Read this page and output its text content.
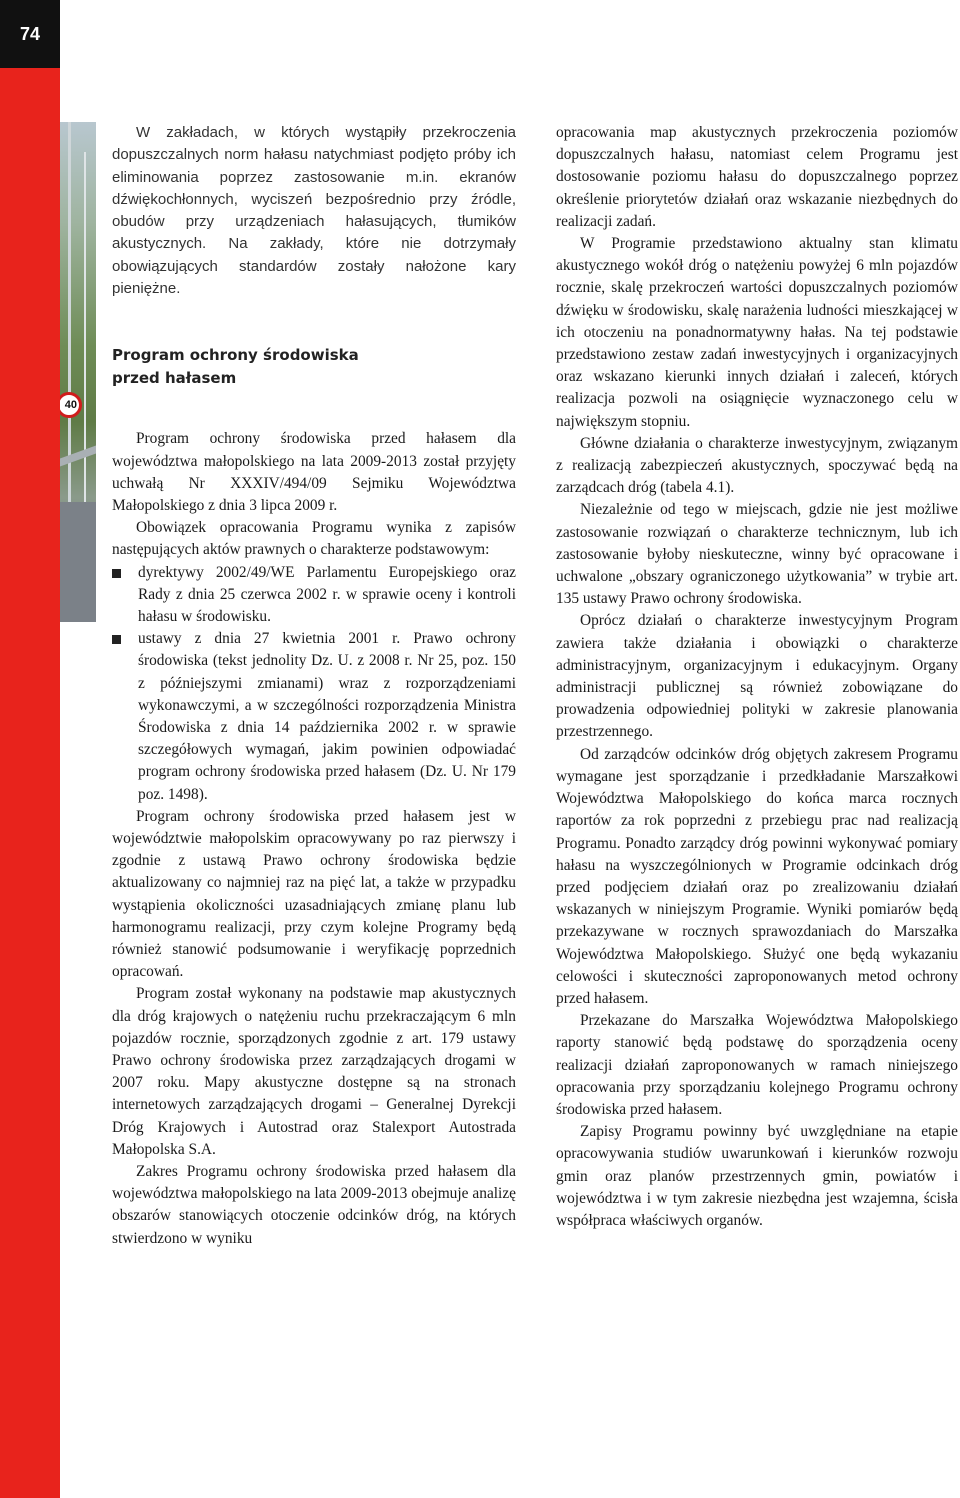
74
40

W zakładach, w których wystąpiły przekroczenia dopuszczalnych norm hałasu natychmiast podjęto próby ich eliminowania poprzez zastosowanie m.in. ekranów dźwiękochłonnych, wyciszeń bezpośrednio przy źródle, obudów przy urządzeniach hałasujących, tłumików akustycznych. Na zakłady, które nie dotrzymały obowiązujących standardów zostały nałożone kary pieniężne.

Program ochrony środowiska
przed hałasem

Program ochrony środowiska przed hałasem dla województwa małopolskiego na lata 2009-2013 został przyjęty uchwałą Nr XXXIV/494/09 Sejmiku Województwa Małopolskiego z dnia 3 lipca 2009 r.

Obowiązek opracowania Programu wynika z zapisów następujących aktów prawnych o charakterze podstawowym:

dyrektywy 2002/49/WE Parlamentu Europejskiego oraz Rady z dnia 25 czerwca 2002 r. w sprawie oceny i kontroli hałasu w środowisku.
ustawy z dnia 27 kwietnia 2001 r. Prawo ochrony środowiska (tekst jednolity Dz. U. z 2008 r. Nr 25, poz. 150 z późniejszymi zmianami) wraz z rozporządzeniami wykonawczymi, a w szczególności rozporządzenia Ministra Środowiska z dnia 14 października 2002 r. w sprawie szczegółowych wymagań, jakim powinien odpowiadać program ochrony środowiska przed hałasem (Dz. U. Nr 179 poz. 1498).

Program ochrony środowiska przed hałasem jest w województwie małopolskim opracowywany po raz pierwszy i zgodnie z ustawą Prawo ochrony środowiska będzie aktualizowany co najmniej raz na pięć lat, a także w przypadku wystąpienia okoliczności uzasadniających zmianę planu lub harmonogramu realizacji, przy czym kolejne Programy będą również stanowić podsumowanie i weryfikację poprzednich opracowań.

Program został wykonany na podstawie map akustycznych dla dróg krajowych o natężeniu ruchu przekraczającym 6 mln pojazdów rocznie, sporządzonych zgodnie z art. 179 ustawy Prawo ochrony środowiska przez zarządzających drogami w 2007 roku. Mapy akustyczne dostępne są na stronach internetowych zarządzających drogami – Generalnej Dyrekcji Dróg Krajowych i Autostrad oraz Stalexport Autostrada Małopolska S.A.

Zakres Programu ochrony środowiska przed hałasem dla województwa małopolskiego na lata 2009-2013 obejmuje analizę obszarów stanowiących otoczenie odcinków dróg, na których stwierdzono w wyniku

opracowania map akustycznych przekroczenia poziomów dopuszczalnych hałasu, natomiast celem Programu jest dostosowanie poziomu hałasu do dopuszczalnego poprzez określenie priorytetów działań oraz wskazanie niezbędnych do realizacji zadań.

W Programie przedstawiono aktualny stan klimatu akustycznego wokół dróg o natężeniu powyżej 6 mln pojazdów rocznie, skalę przekroczeń wartości dopuszczalnych poziomów dźwięku w środowisku, skalę narażenia ludności mieszkającej w ich otoczeniu na ponadnormatywny hałas. Na tej podstawie przedstawiono zestaw zadań inwestycyjnych i organizacyjnych oraz wskazano kierunki innych działań i zaleceń, których realizacja pozwoli na osiągnięcie wyznaczonego celu w największym stopniu.

Główne działania o charakterze inwestycyjnym, związanym z realizacją zabezpieczeń akustycznych, spoczywać będą na zarządcach dróg (tabela 4.1).

Niezależnie od tego w miejscach, gdzie nie jest możliwe zastosowanie rozwiązań o charakterze technicznym, lub ich zastosowanie byłoby nieskuteczne, winny być opracowane i uchwalone „obszary ograniczonego użytkowania” w trybie art. 135 ustawy Prawo ochrony środowiska.

Oprócz działań o charakterze inwestycyjnym Program zawiera także działania i obowiązki o charakterze administracyjnym, organizacyjnym i edukacyjnym. Organy administracji publicznej są również zobowiązane do prowadzenia odpowiedniej polityki w zakresie planowania przestrzennego.

Od zarządców odcinków dróg objętych zakresem Programu wymagane jest sporządzanie i przedkładanie Marszałkowi Województwa Małopolskiego do końca marca rocznych raportów za rok poprzedni z przebiegu prac nad realizacją Programu. Ponadto zarządcy dróg powinni wykonywać pomiary hałasu na wyszczególnionych w Programie odcinkach dróg przed podjęciem działań oraz po zrealizowaniu działań wskazanych w niniejszym Programie. Wyniki pomiarów będą przekazywane w rocznych sprawozdaniach do Marszałka Województwa Małopolskiego. Służyć one będą wykazaniu celowości i skuteczności zaproponowanych metod ochrony przed hałasem.

Przekazane do Marszałka Województwa Małopolskiego raporty stanowić będą podstawę do sporządzenia oceny realizacji działań zaproponowanych w ramach niniejszego opracowania przy sporządzaniu kolejnego Programu ochrony środowiska przed hałasem.

Zapisy Programu powinny być uwzględniane na etapie opracowywania studiów uwarunkowań i kierunków rozwoju gmin oraz planów przestrzennych gmin, powiatów i województwa i w tym zakresie niezbędna jest wzajemna, ścisła współpraca właściwych organów.
